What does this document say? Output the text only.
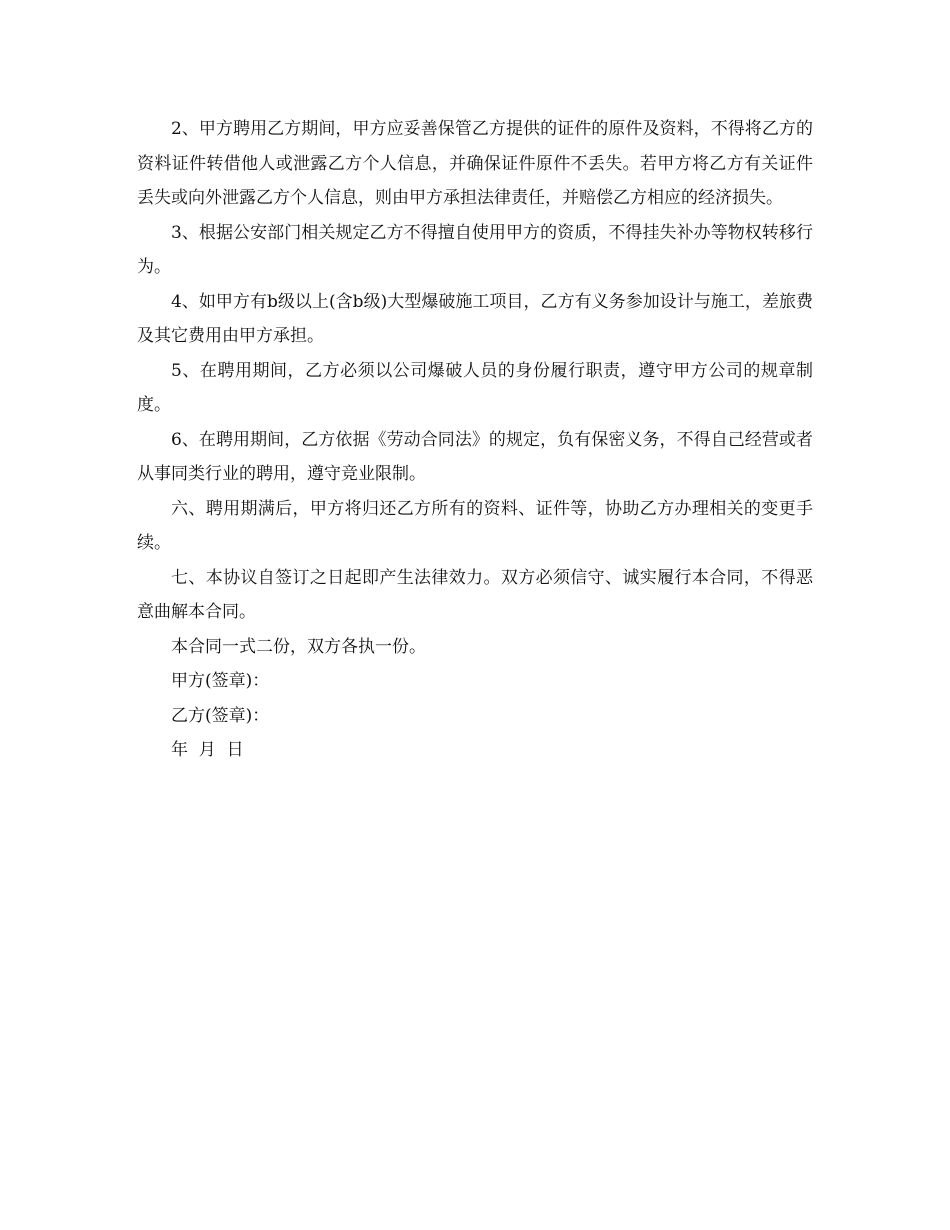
2、甲方聘用乙方期间，甲方应妥善保管乙方提供的证件的原件及资料，不得将乙方的资料证件转借他人或泄露乙方个人信息，并确保证件原件不丢失。若甲方将乙方有关证件丢失或向外泄露乙方个人信息，则由甲方承担法律责任，并赔偿乙方相应的经济损失。

3、根据公安部门相关规定乙方不得擅自使用甲方的资质，不得挂失补办等物权转移行为。

4、如甲方有b级以上(含b级)大型爆破施工项目，乙方有义务参加设计与施工，差旅费及其它费用由甲方承担。

5、在聘用期间，乙方必须以公司爆破人员的身份履行职责，遵守甲方公司的规章制度。

6、在聘用期间，乙方依据《劳动合同法》的规定，负有保密义务，不得自己经营或者从事同类行业的聘用，遵守竞业限制。

六、聘用期满后，甲方将归还乙方所有的资料、证件等，协助乙方办理相关的变更手续。

七、本协议自签订之日起即产生法律效力。双方必须信守、诚实履行本合同，不得恶意曲解本合同。

本合同一式二份，双方各执一份。

甲方(签章)：

乙方(签章)：

年  月  日
